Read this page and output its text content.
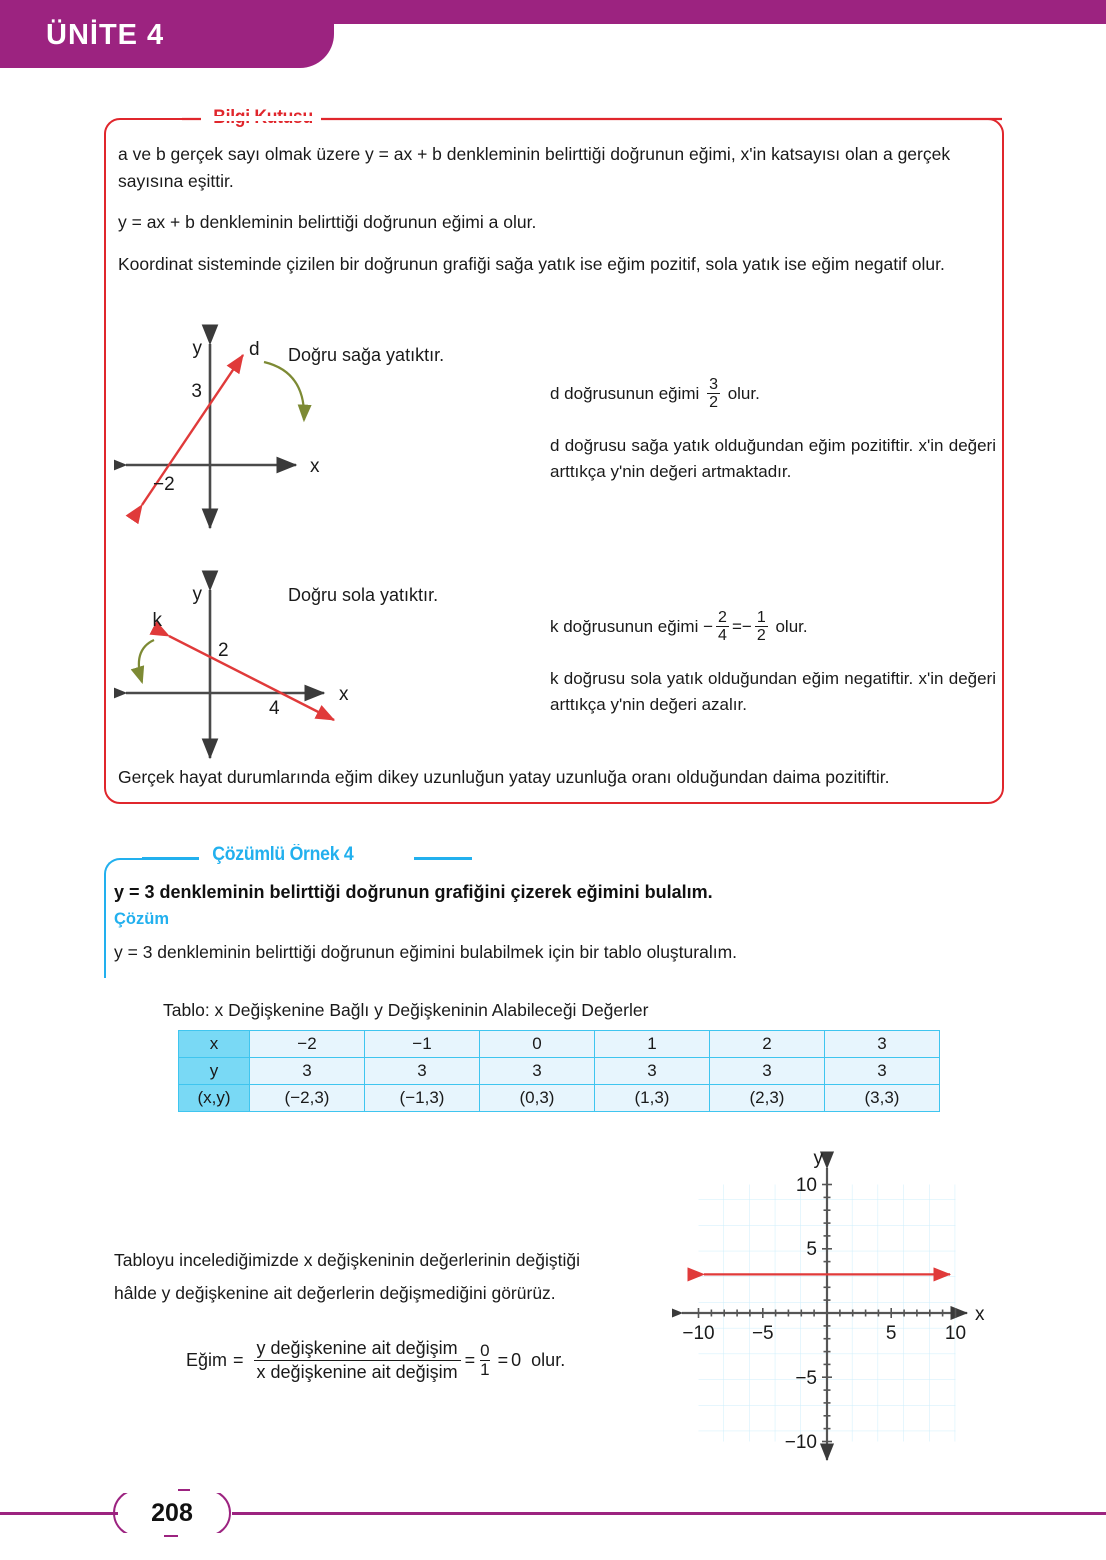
ÜNİTE 4
a ve b gerçek sayı olmak üzere y = ax + b denkleminin belirttiği doğrunun eğimi, x'in katsayısı olan a gerçek sayısına eşittir.
y = ax + b denkleminin belirttiği doğrunun eğimi a olur.
Koordinat sisteminde çizilen bir doğrunun grafiği sağa yatık ise eğim pozitif, sola yatık ise eğim negatif olur.
y
x
3
−2
d Doğru sağa yatıktır.
d doğrusunun eğimi $\frac{3}{2}$ olur.
d doğrusu sağa yatık olduğundan eğim pozitiftir. x'in değeri arttıkça y'nin değeri artmaktadır.
y
x
2
4
k
Doğru sola yatıktır.
k doğrusunun eğimi − $\frac{2}{4} =- \frac{1}{2}$ olur.
k doğrusu sola yatık olduğundan eğim negatiftir. x'in değeri arttıkça y'nin değeri azalır.
Gerçek hayat durumlarında eğim dikey uzunluğun yatay uzunluğa oranı olduğundan daima pozitiftir.
Çözümlü Örnek 4
y = 3 denkleminin belirttiği doğrunun grafiğini çizerek eğimini bulalım.
Çözüm
y = 3 denkleminin belirttiği doğrunun eğimini bulabilmek için bir tablo oluşturalım.
Tablo: x Değişkenine Bağlı y Değişkeninin Alabileceği Değerler
x	−2	−1	0	1	2	3
y	3	3	3	3	3	3
(x,y)	(−2,3)	(−1,3)	(0,3)	(1,3)	(2,3)	(3,3)
Tabloyu incelediğimizde x değişkeninin değerlerinin değiştiği
hâlde y değişkenine ait değerlerin değişmediğini görürüz.
Eğim = $\frac{\text{y değişkenine ait değişim}}{\text{x değişkenine ait değişim}} = \frac{0}{1} = 0$ olur.
y
x
10
5
−5
−10
−10 −5	5	10
208
